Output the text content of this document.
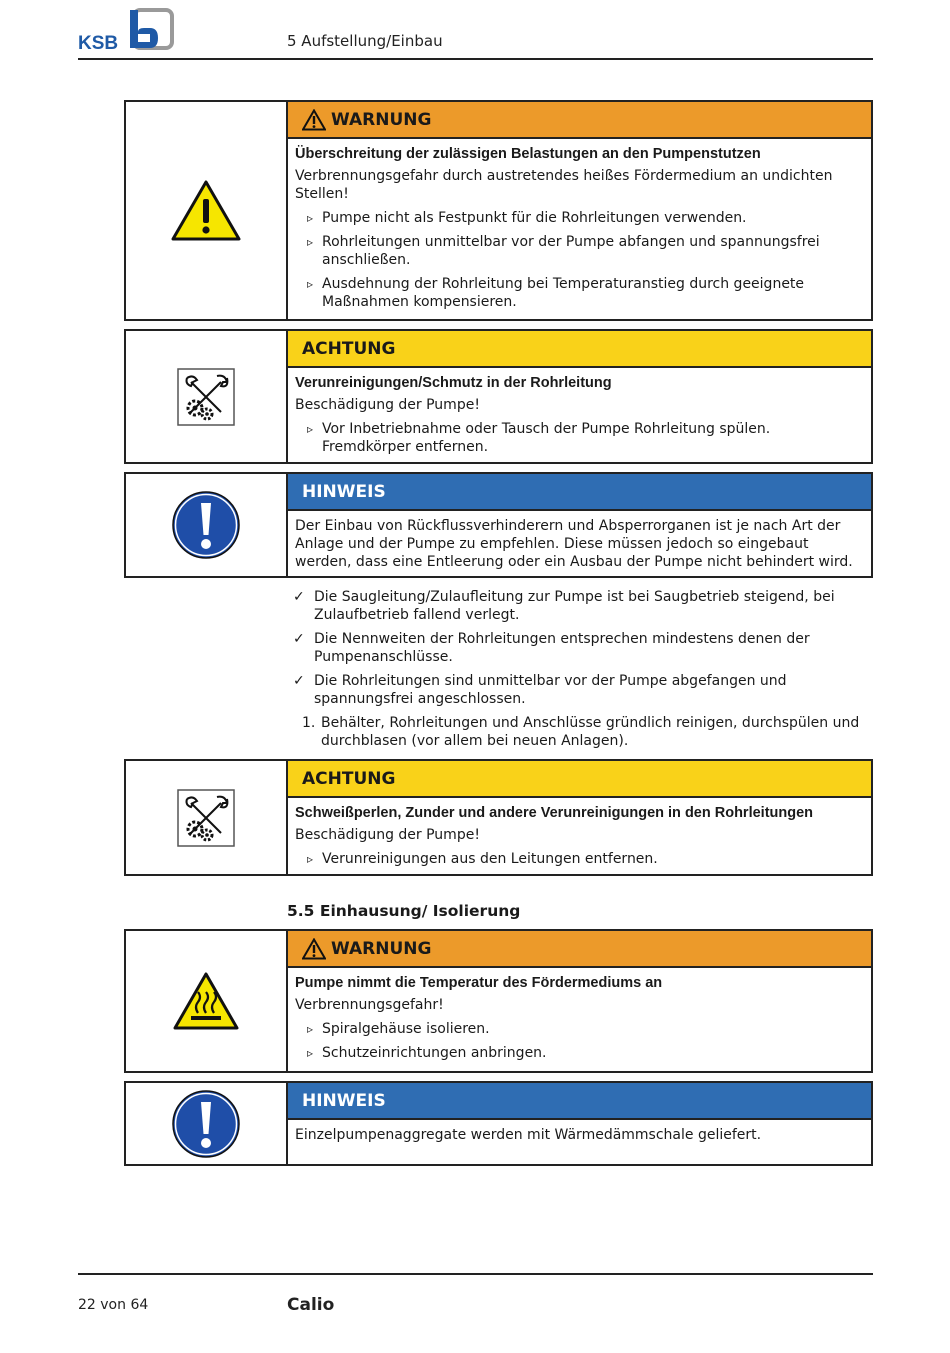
KSB	5 Aufstellung/Einbau
WARNUNG
Überschreitung der zulässigen Belastungen an den Pumpenstutzen
Verbrennungsgefahr durch austretendes heißes Fördermedium an undichten Stellen!
▹ Pumpe nicht als Festpunkt für die Rohrleitungen verwenden.
▹ Rohrleitungen unmittelbar vor der Pumpe abfangen und spannungsfrei anschließen.
▹ Ausdehnung der Rohrleitung bei Temperaturanstieg durch geeignete Maßnahmen kompensieren.
ACHTUNG
Verunreinigungen/Schmutz in der Rohrleitung
Beschädigung der Pumpe!
▹ Vor Inbetriebnahme oder Tausch der Pumpe Rohrleitung spülen. Fremdkörper entfernen.
HINWEIS
Der Einbau von Rückflussverhinderern und Absperrorganen ist je nach Art der Anlage und der Pumpe zu empfehlen. Diese müssen jedoch so eingebaut werden, dass eine Entleerung oder ein Ausbau der Pumpe nicht behindert wird.
✓ Die Saugleitung/Zulaufleitung zur Pumpe ist bei Saugbetrieb steigend, bei Zulaufbetrieb fallend verlegt.
✓ Die Nennweiten der Rohrleitungen entsprechen mindestens denen der Pumpenanschlüsse.
✓ Die Rohrleitungen sind unmittelbar vor der Pumpe abgefangen und spannungsfrei angeschlossen.
1. Behälter, Rohrleitungen und Anschlüsse gründlich reinigen, durchspülen und durchblasen (vor allem bei neuen Anlagen).
ACHTUNG
Schweißperlen, Zunder und andere Verunreinigungen in den Rohrleitungen
Beschädigung der Pumpe!
▹ Verunreinigungen aus den Leitungen entfernen.
5.5 Einhausung/ Isolierung
WARNUNG
Pumpe nimmt die Temperatur des Fördermediums an
Verbrennungsgefahr!
▹ Spiralgehäuse isolieren.
▹ Schutzeinrichtungen anbringen.
HINWEIS
Einzelpumpenaggregate werden mit Wärmedämmschale geliefert.
22 von 64	Calio
